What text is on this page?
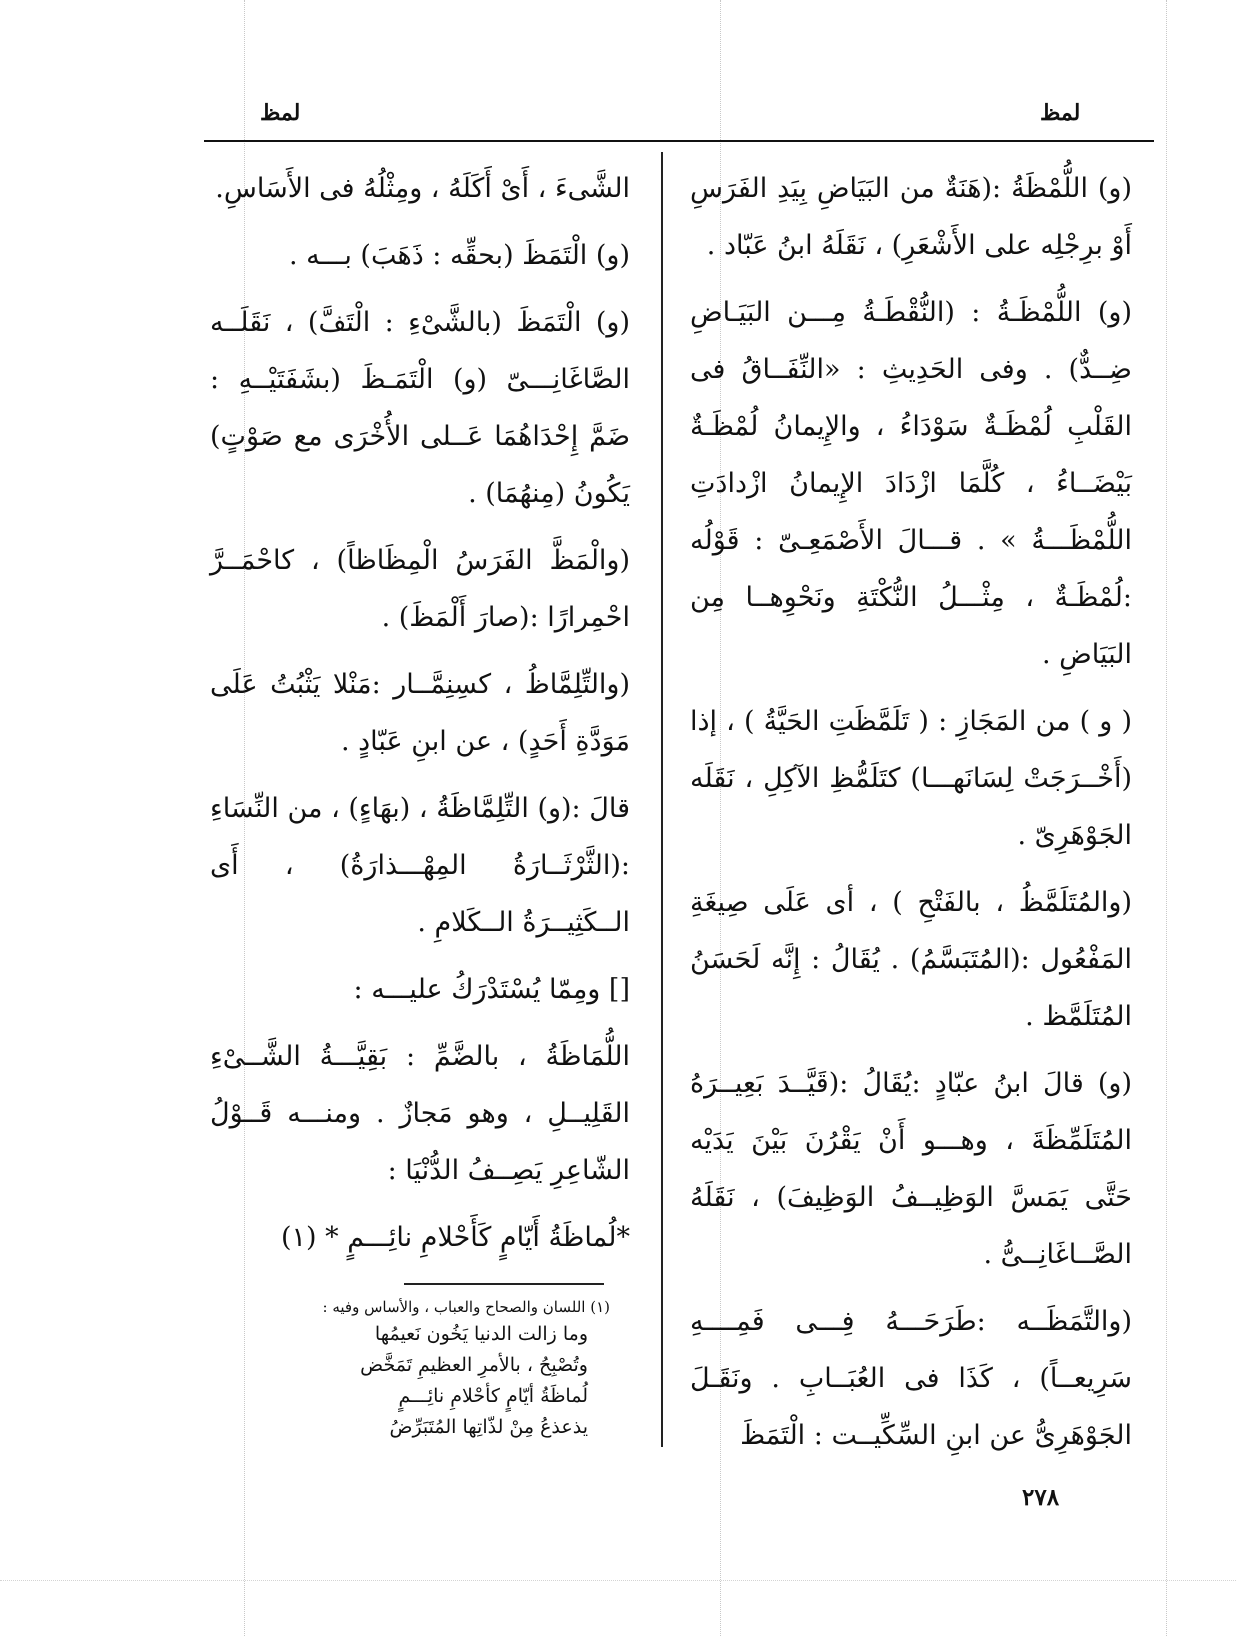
لمظ	لمظ

(و) اللُّمْظَةُ :(هَنَةٌ من البَيَاضِ بِيَدِ الفَرَسِ أَوْ برِجْلِه على الأَشْعَرِ) ، نَقَلَهُ ابنُ عَبّاد .

(و) اللُّمْظَـةُ : (النُّقْطَـةُ مِـــن البَيَـاضِ ضِــدٌّ) . وفى الحَدِيثِ : «النِّفَــاقُ فى القَلْبِ لُمْظَـةٌ سَوْدَاءُ ، والإِيمانُ لُمْظَـةٌ بَيْضَــاءُ ، كُلَّمَا ازْدَادَ الإِيمانُ ازْدادَتِ اللُّمْظَـــةُ » . قـــالَ الأَصْمَعِـىّ : قَوْلُه :لُمْظَـةٌ ، مِثْـــلُ النُّكْتَةِ ونَحْوِهــا مِن البَيَاضِ .

( و ) من المَجَازِ : ( تَلَمَّظَتِ الحَيَّةُ ) ، إذا (أَخْــرَجَتْ لِسَانَهـــا) كتَلَمُّظِ الآكِلِ ، نَقَلَه الجَوْهَرِىّ .

(والمُتَلَمَّظُ ، بالفَتْحِ ) ، أى عَلَى صِيغَةِ المَفْعُول :(المُتَبَسَّمُ) . يُقَالُ : إِنَّه لَحَسَنُ المُتَلَمَّظ .

(و) قالَ ابنُ عبّادٍ :يُقَالُ :(قَيَّــدَ بَعِيــرَهُ المُتَلَمِّظَةَ ، وهـــو أَنْ يَقْرُنَ بَيْنَ يَدَيْه حَتَّى يَمَسَّ الوَظِيــفُ الوَظِيفَ) ، نَقَلَهُ الصَّــاغَانِــىُّ .

(والتَّمَظَــه :طَرَحَـــهُ فِـــى فَمِــــهِ سَرِيعــاً) ، كَذَا فى العُبَــابِ . ونَقَـلَ الجَوْهَرِىُّ عن ابنِ السِّكِّيــت : الْتَمَظَ

الشَّىءَ ، أَىْ أَكَلَهُ ، ومِثْلُهُ فى الأَسَاسِ.

(و) الْتَمَظَ (بحقِّه : ذَهَبَ) بـــه .

(و) الْتَمَظَ (بالشَّىْءِ : الْتَفَّ) ، نَقَلَــه الصَّاغَانِـــىّ (و) الْتَمَـظَ (بشَفَتَيْــهِ : ضَمَّ إِحْدَاهُمَا عَــلى الأُخْرَى مع صَوْتٍ) يَكُونُ (مِنهُمَا) .

(والْمَظَّ الفَرَسُ الْمِظَاظاً) ، كاحْمَــرَّ احْمِرارًا :(صارَ أَلْمَظَ) .

(والتِّلِمَّاظُ ، كسِنِمَّــار :مَنْلا يَثْبُتُ عَلَى مَوَدَّةِ أَحَدٍ) ، عن ابنِ عَبّادٍ .

قالَ :(و) التِّلِمَّاظَةُ ، (بهَاءٍ) ، من النِّسَاءِ :(الثَّرْثَــارَةُ المِهْـــذارَةُ) ، أَى الــكَثِيــرَةُ الــكَلامِ .

[] ومِمّا يُسْتَدْرَكُ عليـــه :

اللُّمَاظَةُ ، بالضَّمِّ : بَقِيَّـــةُ الشَّــىْءِ القَلِيــلِ ، وهو مَجازٌ . ومنـــه قَــوْلُ الشّاعِرِ يَصِــفُ الدُّنْيَا :

*لُماظَةُ أَيّامٍ كَأَحْلامِ نائِـــمٍ * (١)

(١) اللسان والصحاح والعباب ، والأساس وفيه :
وما زالت الدنيا يَخُون نَعيمُها
وتُصْبِحُ ، بالأمرِ العظيمِ تَمَخَّض
لُماظَةُ أيّامٍ كأحْلامِ نائِـــمٍ
يذعذعُ مِنْ لذّاتِها المُتَبَرِّضُ
٢٧٨
